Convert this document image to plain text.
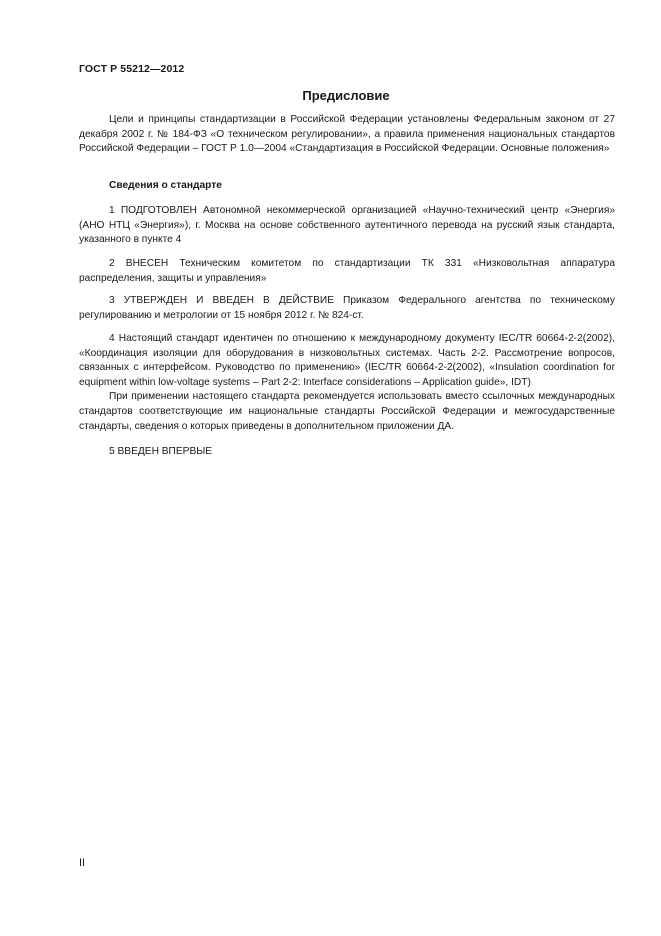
ГОСТ Р 55212—2012
Предисловие

Цели и принципы стандартизации в Российской Федерации установлены Федеральным законом от 27 декабря 2002 г. № 184-ФЗ «О техническом регулировании», а правила применения национальных стандартов Российской Федерации – ГОСТ Р 1.0—2004 «Стандартизация в Российской Федерации. Основные положения»

Сведения о стандарте

1 ПОДГОТОВЛЕН Автономной некоммерческой организацией «Научно-технический центр «Энергия» (АНО НТЦ «Энергия»), г. Москва на основе собственного аутентичного перевода на русский язык стандарта, указанного в пункте 4

2 ВНЕСЕН Техническим комитетом по стандартизации ТК 331 «Низковольтная аппаратура распределения, защиты и управления»

3 УТВЕРЖДЕН И ВВЕДЕН В ДЕЙСТВИЕ Приказом Федерального агентства по техническому регулированию и метрологии от 15 ноября 2012 г. № 824-ст.

4 Настоящий стандарт идентичен по отношению к международному документу IEC/TR 60664-2-2(2002), «Координация изоляции для оборудования в низковольтных системах. Часть 2-2. Рассмотрение вопросов, связанных с интерфейсом. Руководство по применению» (IEC/TR 60664-2-2(2002), «Insulation coordination for equipment within low-voltage systems – Part 2-2: Interface considerations – Application guide», IDT)

При применении настоящего стандарта рекомендуется использовать вместо ссылочных международных стандартов соответствующие им национальные стандарты Российской Федерации и межгосударственные стандарты, сведения о которых приведены в дополнительном приложении ДА.

5 ВВЕДЕН ВПЕРВЫЕ

II
